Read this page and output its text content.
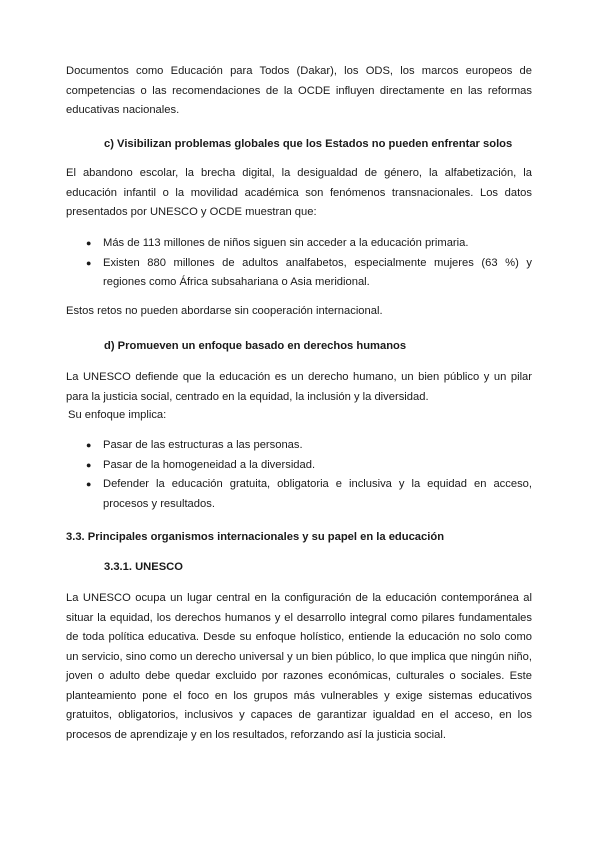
Documentos como Educación para Todos (Dakar), los ODS, los marcos europeos de competencias o las recomendaciones de la OCDE influyen directamente en las reformas educativas nacionales.

c) Visibilizan problemas globales que los Estados no pueden enfrentar solos

El abandono escolar, la brecha digital, la desigualdad de género, la alfabetización, la educación infantil o la movilidad académica son fenómenos transnacionales. Los datos presentados por UNESCO y OCDE muestran que:

● Más de 113 millones de niños siguen sin acceder a la educación primaria.
● Existen 880 millones de adultos analfabetos, especialmente mujeres (63 %) y regiones como África subsahariana o Asia meridional.

Estos retos no pueden abordarse sin cooperación internacional.

d) Promueven un enfoque basado en derechos humanos

La UNESCO defiende que la educación es un derecho humano, un bien público y un pilar para la justicia social, centrado en la equidad, la inclusión y la diversidad.

Su enfoque implica:

● Pasar de las estructuras a las personas.
● Pasar de la homogeneidad a la diversidad.
● Defender la educación gratuita, obligatoria e inclusiva y la equidad en acceso, procesos y resultados.
3.3. Principales organismos internacionales y su papel en la educación
3.3.1. UNESCO

La UNESCO ocupa un lugar central en la configuración de la educación contemporánea al situar la equidad, los derechos humanos y el desarrollo integral como pilares fundamentales de toda política educativa. Desde su enfoque holístico, entiende la educación no solo como un servicio, sino como un derecho universal y un bien público, lo que implica que ningún niño, joven o adulto debe quedar excluido por razones económicas, culturales o sociales. Este planteamiento pone el foco en los grupos más vulnerables y exige sistemas educativos gratuitos, obligatorios, inclusivos y capaces de garantizar igualdad en el acceso, en los procesos de aprendizaje y en los resultados, reforzando así la justicia social.
